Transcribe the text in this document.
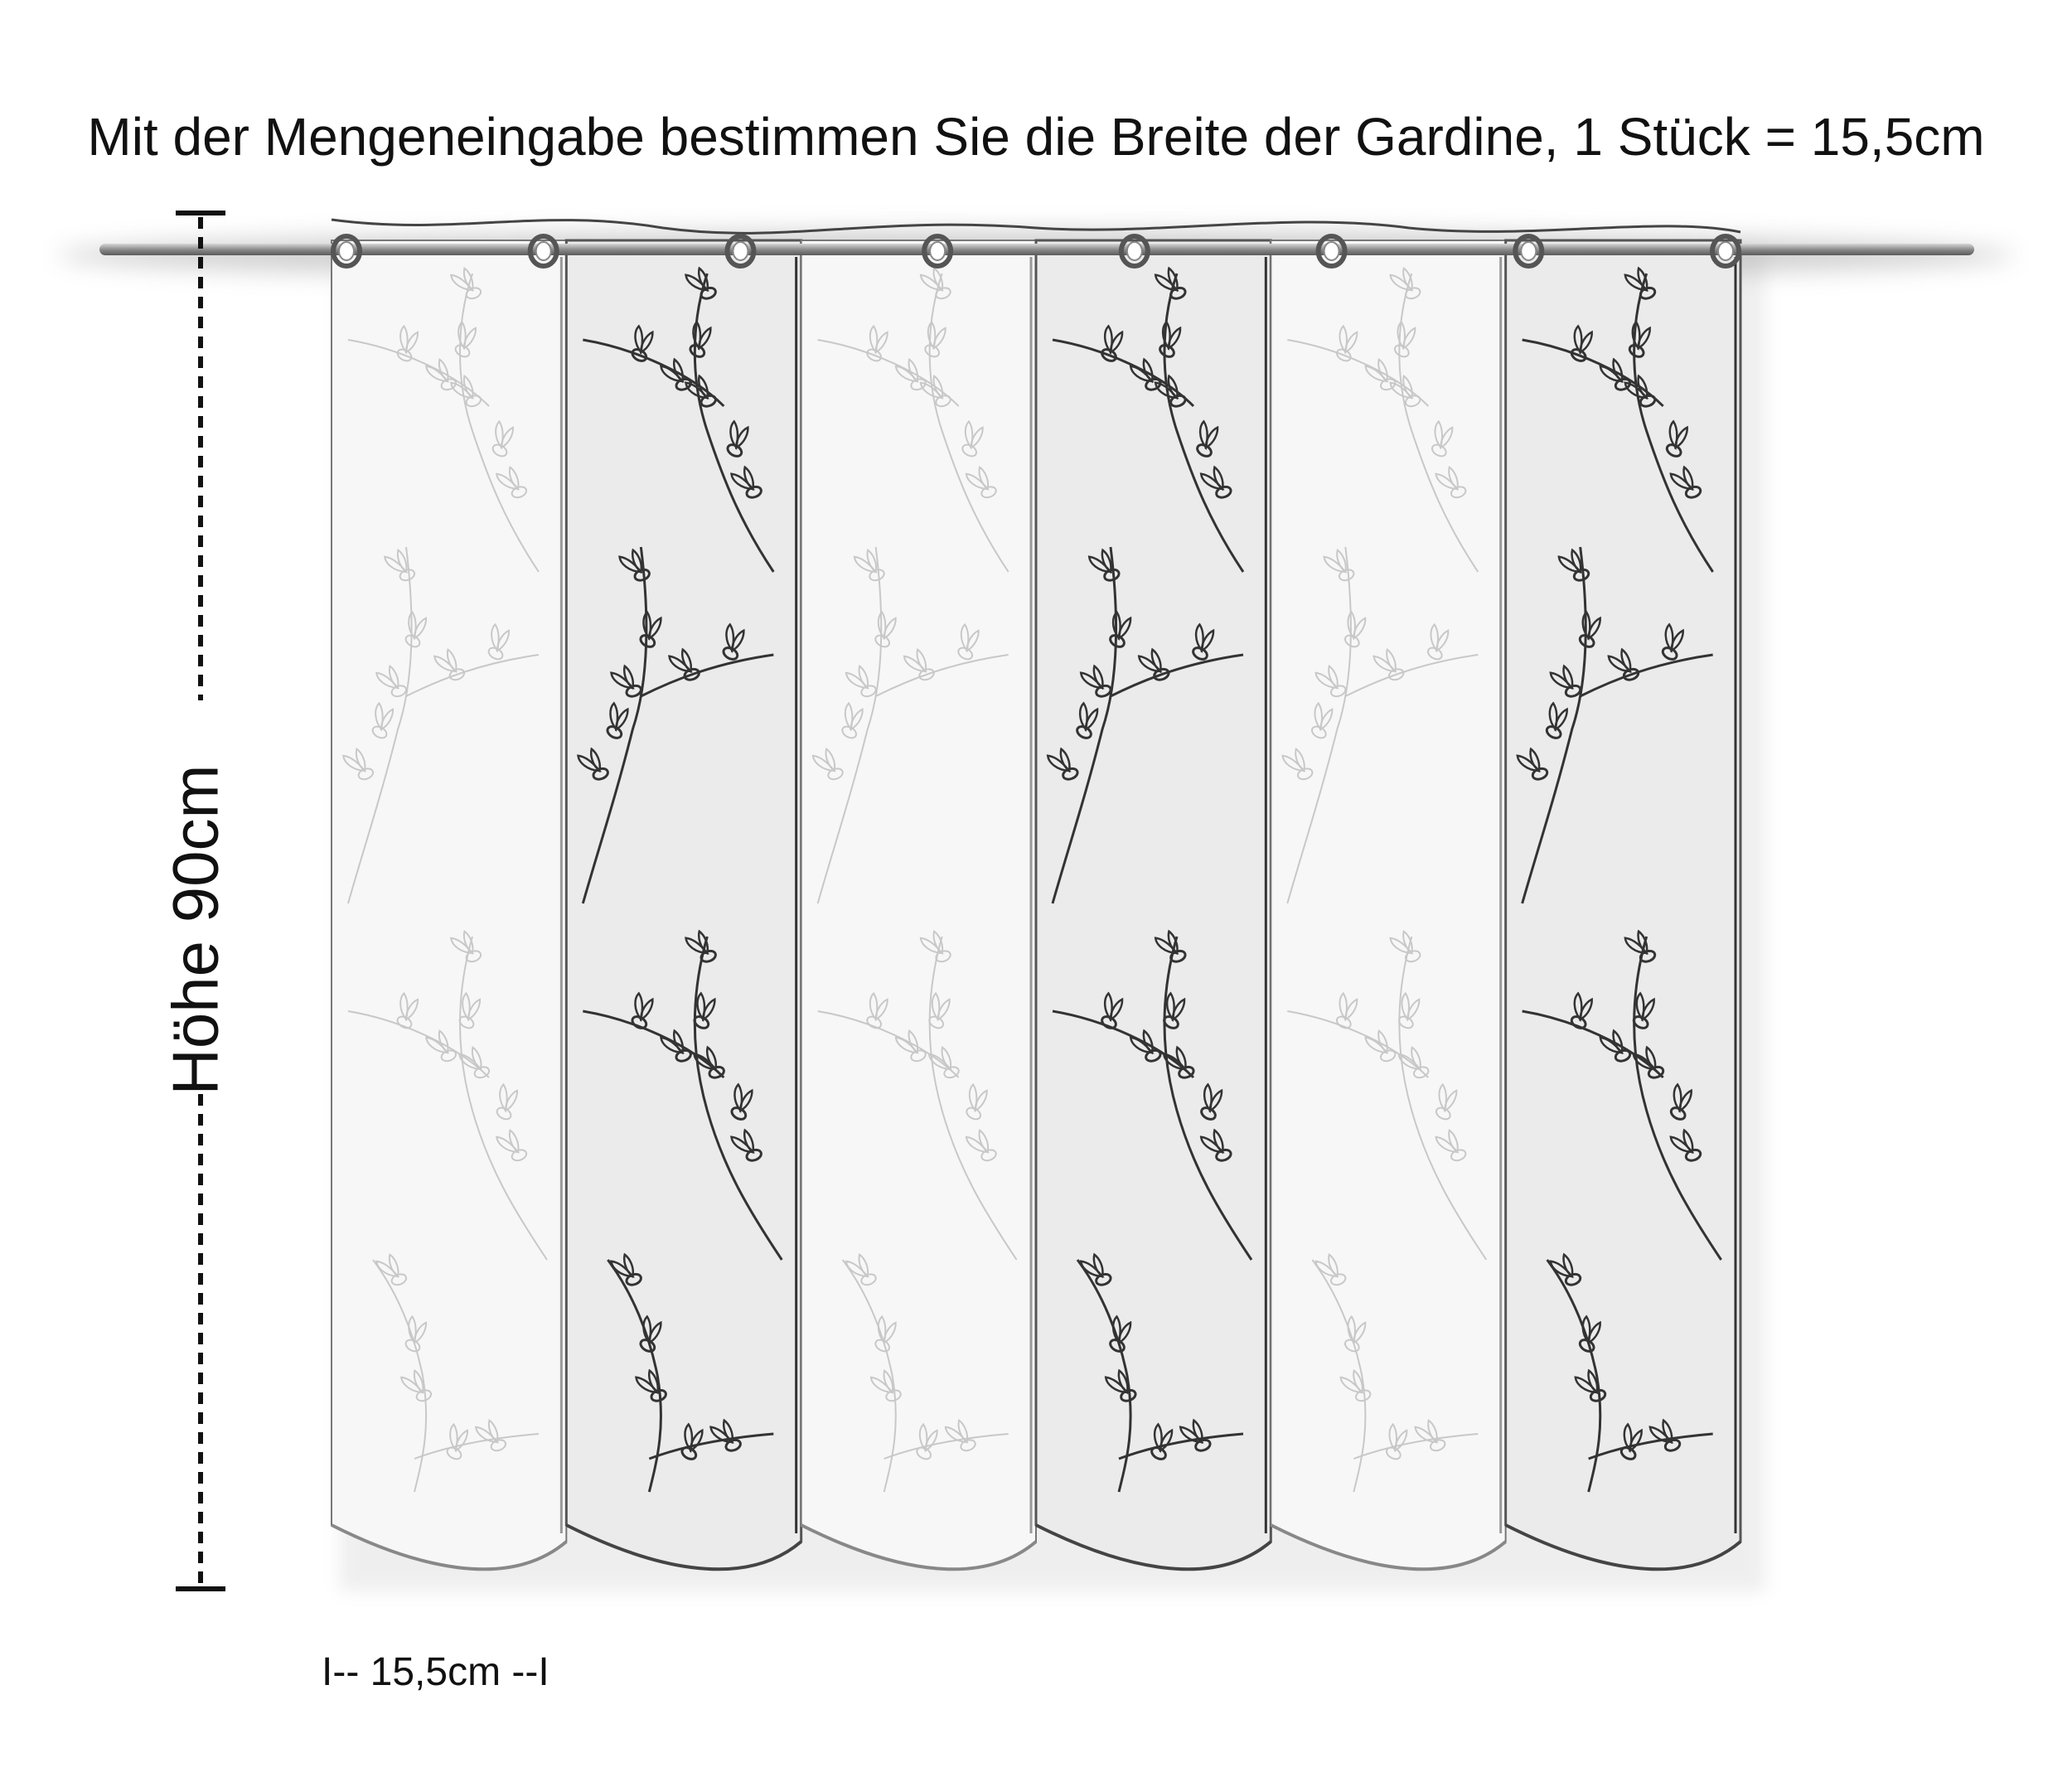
Mit der Mengeneingabe bestimmen Sie die Breite der Gardine, 1 Stück = 15,5cm
Höhe 90cm
I-- 15,5cm --I
